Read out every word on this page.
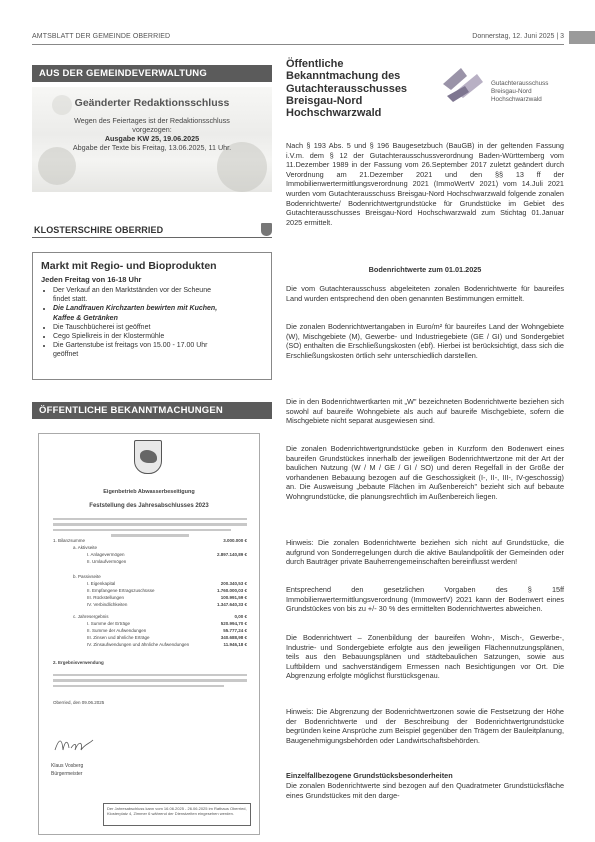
AMTSBLATT DER GEMEINDE OBERRIED	Donnerstag, 12. Juni 2025 | 3
AUS DER GEMEINDEVERWALTUNG
Geänderter Redaktionsschluss
Wegen des Feiertages ist der Redaktionsschluss
vorgezogen:
Ausgabe KW 25, 19.06.2025
Abgabe der Texte bis Freitag, 13.06.2025, 11 Uhr.
KLOSTERSCHIRE OBERRIED
Markt mit Regio- und Bioprodukten
Jeden Freitag von 16-18 Uhr
• Der Verkauf an den Marktständen vor der Scheune
findet statt.
• Die Landfrauen Kirchzarten bewirten mit Kuchen,
Kaffee & Getränken
• Die Tauschbücherei ist geöffnet
• Cego Spielkreis in der Klostermühle
• Die Gartenstube ist freitags von 15.00 - 17.00 Uhr
geöffnet
ÖFFENTLICHE BEKANNTMACHUNGEN
Eigenbetrieb Abwasserbeseitigung
Feststellung des Jahresabschlusses 2023
1. Bilanzsumme	3.000.000 €
a. Aktivseite
I. Anlagevermögen	2.897.140,89 €
II. Umlaufvermögen
b. Passivseite
I. Eigenkapital	200.340,53 €
II. Empfangene Ertragszuschüsse	1.760.000,03 €
III. Rückstellungen	100.991,59 €
IV. Verbindlichkeiten	1.347.640,33 €
c. Jahresergebnis	0,00 €
I. Summe der Erträge	520.994,70 €
II. Summe der Aufwendungen	55.777,24 €
III. Zinsen und ähnliche Erträge	340.688,98 €
IV. Zinsaufwendungen und ähnliche Aufwendungen	11.946,18 €
2. Ergebnisverwendung
Oberried, den 09.06.2025
Klaus Vosberg
Bürgermeister
Der Jahresabschluss kann vom 16.06.2025 - 26.06.2025 im Rathaus Oberried, Klosterplatz 4, Zimmer 6 während der Dienstzeiten eingesehen werden.
Öffentliche Bekanntmachung des Gutachterausschusses Breisgau-Nord Hochschwarzwald
Gutachterausschuss
Breisgau-Nord
Hochschwarzwald
Nach § 193 Abs. 5 und § 196 Baugesetzbuch (BauGB) in der geltenden Fassung i.V.m. dem § 12 der Gutachterausschussverordnung Baden-Württemberg vom 11.Dezember 1989 in der Fassung vom 26.September 2017 zuletzt geändert durch Verordnung am 21.Dezember 2021 und den §§ 13 ff der Immobilienwertermittlungsverordnung 2021 (ImmoWertV 2021) vom 14.Juli 2021 wurden vom Gutachterausschuss Breisgau-Nord Hochschwarzwald folgende zonalen Bodenrichtwerte/ Bodenrichtwertgrundstücke für Grundstücke im Gebiet des Gutachterausschusses Breisgau-Nord Hochschwarzwald zum Stichtag 01.Januar 2025 ermittelt.
Bodenrichtwerte zum 01.01.2025
Die vom Gutachterausschuss abgeleiteten zonalen Bodenrichtwerte für baureifes Land wurden entsprechend den oben genannten Bestimmungen ermittelt.
Die zonalen Bodenrichtwertangaben in Euro/m² für baureifes Land der Wohngebiete (W), Mischgebiete (M), Gewerbe- und Industriegebiete (GE / GI) und Sondergebiet (SO) enthalten die Erschließungskosten (ebf). Hierbei ist berücksichtigt, dass sich die Erschließungskosten örtlich sehr unterschiedlich darstellen.
Die in den Bodenrichtwertkarten mit „W" bezeichneten Bodenrichtwerte beziehen sich sowohl auf baureife Wohngebiete als auch auf baureife Mischgebiete, sofern die Mischgebiete nicht separat ausgewiesen sind.
Die zonalen Bodenrichtwertgrundstücke geben in Kurzform den Bodenwert eines baureifen Grundstückes innerhalb der jeweiligen Bodenrichtwertzone mit der Art der baulichen Nutzung (W / M / GE / GI / SO) und deren Regelfall in der Größe der vorhandenen Bebauung bezogen auf die Geschossigkeit (I-, II-, III-, IV-geschossig) an. Die Ausweisung „bebaute Flächen im Außenbereich" bezieht sich auf bebaute Wohngrundstücke, die planungsrechtlich im Außenbereich liegen.
Hinweis: Die zonalen Bodenrichtwerte beziehen sich nicht auf Grundstücke, die aufgrund von Sonderregelungen durch die aktive Baulandpolitik der Gemeinden oder durch Bauträger private Bauherrengemeinschaften bereinflusst werden!
Entsprechend den gesetzlichen Vorgaben des § 15ff Immobilienwertermittlungsverordnung (ImmowertV) 2021 kann der Bodenwert eines Grundstückes von bis zu +/- 30 % des ermittelten Bodenrichtwertes abweichen.
Die Bodenrichtwert – Zonenbildung der baureifen Wohn-, Misch-, Gewerbe-, Industrie- und Sondergebiete erfolgte aus den jeweiligen Flächennutzungsplänen, teils aus den Bebauungsplänen und städtebaulichen Satzungen, sowie aus Luftbildern und sachverständigem Ermessen nach Besichtigungen vor Ort. Die Abgrenzung erfolgte möglichst flurstücksgenau.
Hinweis: Die Abgrenzung der Bodenrichtwertzonen sowie die Festsetzung der Höhe der Bodenrichtwerte und der Beschreibung der Bodenrichtwertgrundstücke begründen keine Ansprüche zum Beispiel gegenüber den Trägern der Bauleitplanung, Baugenehmigungsbehörden oder Landwirtschaftsbehörden.
Einzelfallbezogene Grundstücksbesonderheiten
Die zonalen Bodenrichtwerte sind bezogen auf den Quadratmeter Grundstücksfläche eines Grundstückes mit den darge-
